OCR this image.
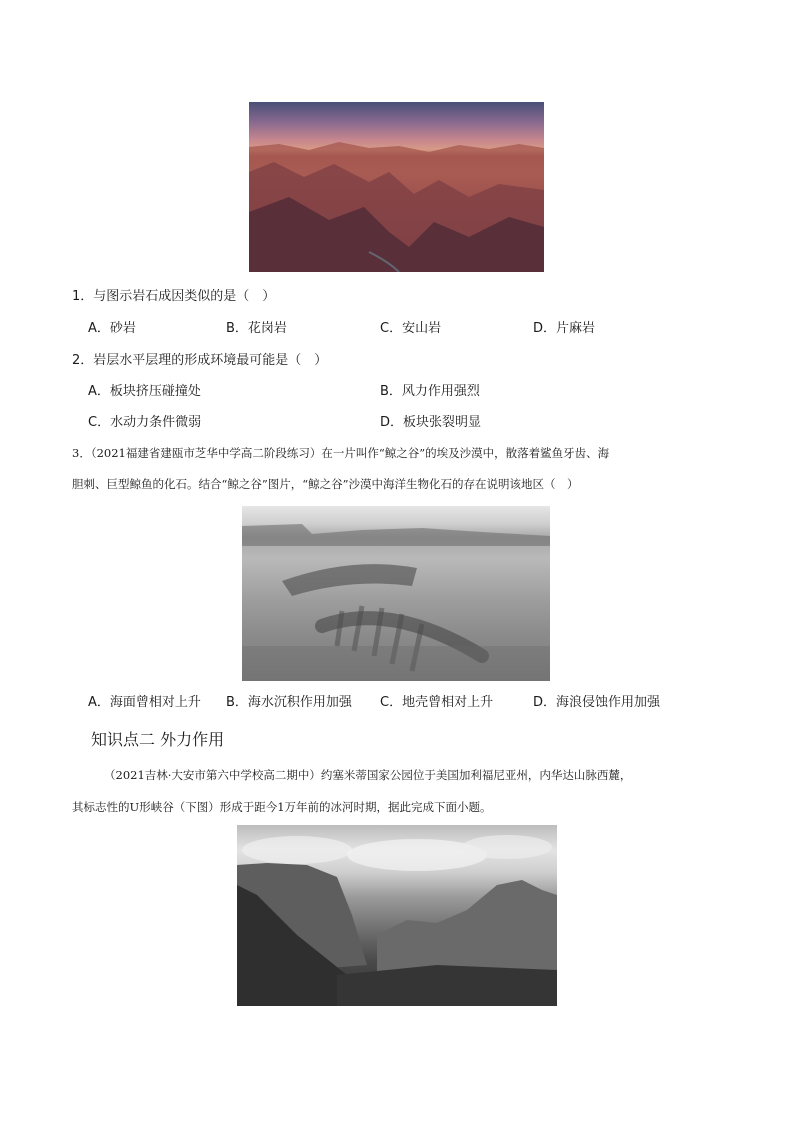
1．与图示岩石成因类似的是（　）
A．砂岩	B．花岗岩	C．安山岩	D．片麻岩
2．岩层水平层理的形成环境最可能是（　）
A．板块挤压碰撞处	B．风力作用强烈
C．水动力条件微弱	D．板块张裂明显
3．（2021福建省建瓯市芝华中学高二阶段练习）在一片叫作“鲸之谷”的埃及沙漠中，散落着鲨鱼牙齿、海
胆刺、巨型鲸鱼的化石。结合“鲸之谷”图片，“鲸之谷”沙漠中海洋生物化石的存在说明该地区（　）
A．海面曾相对上升 B．海水沉积作用加强 C．地壳曾相对上升	D．海浪侵蚀作用加强
知识点二 外力作用
（2021吉林·大安市第六中学校高二期中）约塞米蒂国家公园位于美国加利福尼亚州，内华达山脉西麓，
其标志性的U形峡谷（下图）形成于距今1万年前的冰河时期，据此完成下面小题。
